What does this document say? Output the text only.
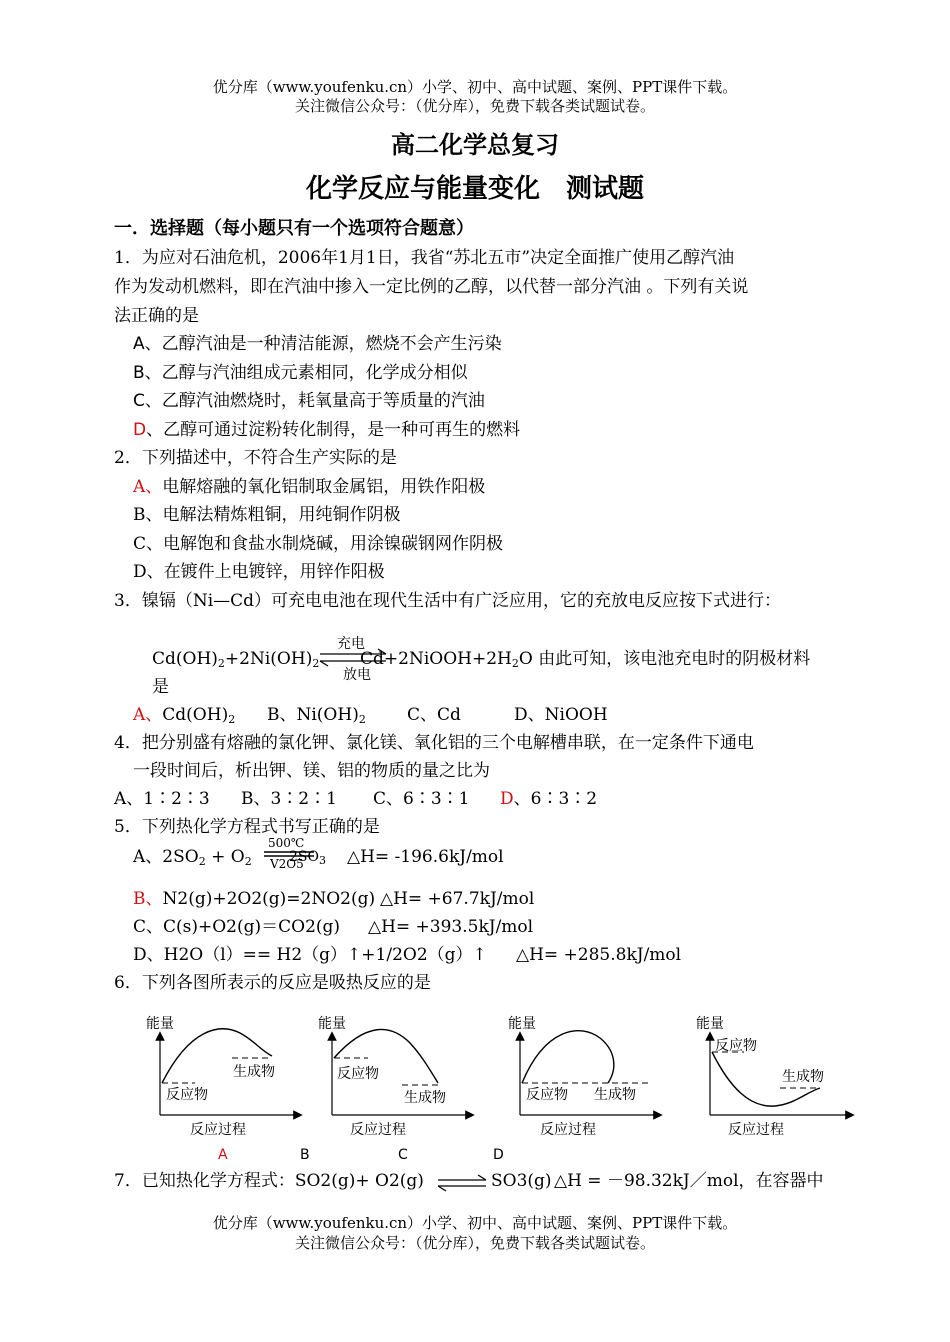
优分库（www.youfenku.cn）小学、初中、高中试题、案例、PPT课件下载。
关注微信公众号：（优分库），免费下载各类试题试卷。
高二化学总复习
化学反应与能量变化　测试题
一．选择题（每小题只有一个选项符合题意）
1．为应对石油危机，2006年1月1日，我省“苏北五市”决定全面推广使用乙醇汽油
作为发动机燃料，即在汽油中掺入一定比例的乙醇，以代替一部分汽油 。下列有关说
法正确的是
A、乙醇汽油是一种清洁能源，燃烧不会产生污染
B、乙醇与汽油组成元素相同，化学成分相似
C、乙醇汽油燃烧时，耗氧量高于等质量的汽油
D、乙醇可通过淀粉转化制得，是一种可再生的燃料
2．下列描述中，不符合生产实际的是
A、电解熔融的氧化铝制取金属铝，用铁作阳极
B、电解法精炼粗铜，用纯铜作阴极
C、电解饱和食盐水制烧碱，用涂镍碳钢网作阴极
D、在镀件上电镀锌，用锌作阳极
3．镍镉（Ni—Cd）可充电电池在现代生活中有广泛应用，它的充放电反应按下式进行：
充电
放电
$Cd(OH)_2+2Ni(OH)_2$ $Cd+2NiOOH+2H_2O$ 由此可知，该电池充电时的阴极材料
是
A、$Cd(OH)_2$ B、$Ni(OH)_2$ C、Cd	D、NiOOH
4．把分别盛有熔融的氯化钾、氯化镁、氧化铝的三个电解槽串联，在一定条件下通电
一段时间后，析出钾、镁、铝的物质的量之比为
A、1∶2∶3 B、3∶2∶1 C、6∶3∶1 D、6∶3∶2
5．下列热化学方程式书写正确的是
A、$2SO_2 + O_2$
500℃
V2O5
$2SO_3$ △H= -196.6kJ/mol
B、N2(g)+2O2(g)=2NO2(g) △H= +67.7kJ/mol
C、C(s)+O2(g)＝CO2(g) △H= +393.5kJ/mol
D、H2O（l）== H2（g）↑+1/2O2（g）↑ △H= +285.8kJ/mol
6．下列各图所表示的反应是吸热反应的是
能量
生成物
反应物
反应过程
A
能量
反应物
生成物
反应过程
B
能量
反应物 生成物
反应过程
C
能量
反应物
生成物
反应过程
D
7．已知热化学方程式：SO2(g)+ O2(g)	SO3(g) △H = －98.32kJ／mol，在容器中
优分库（www.youfenku.cn）小学、初中、高中试题、案例、PPT课件下载。
关注微信公众号：（优分库），免费下载各类试题试卷。
